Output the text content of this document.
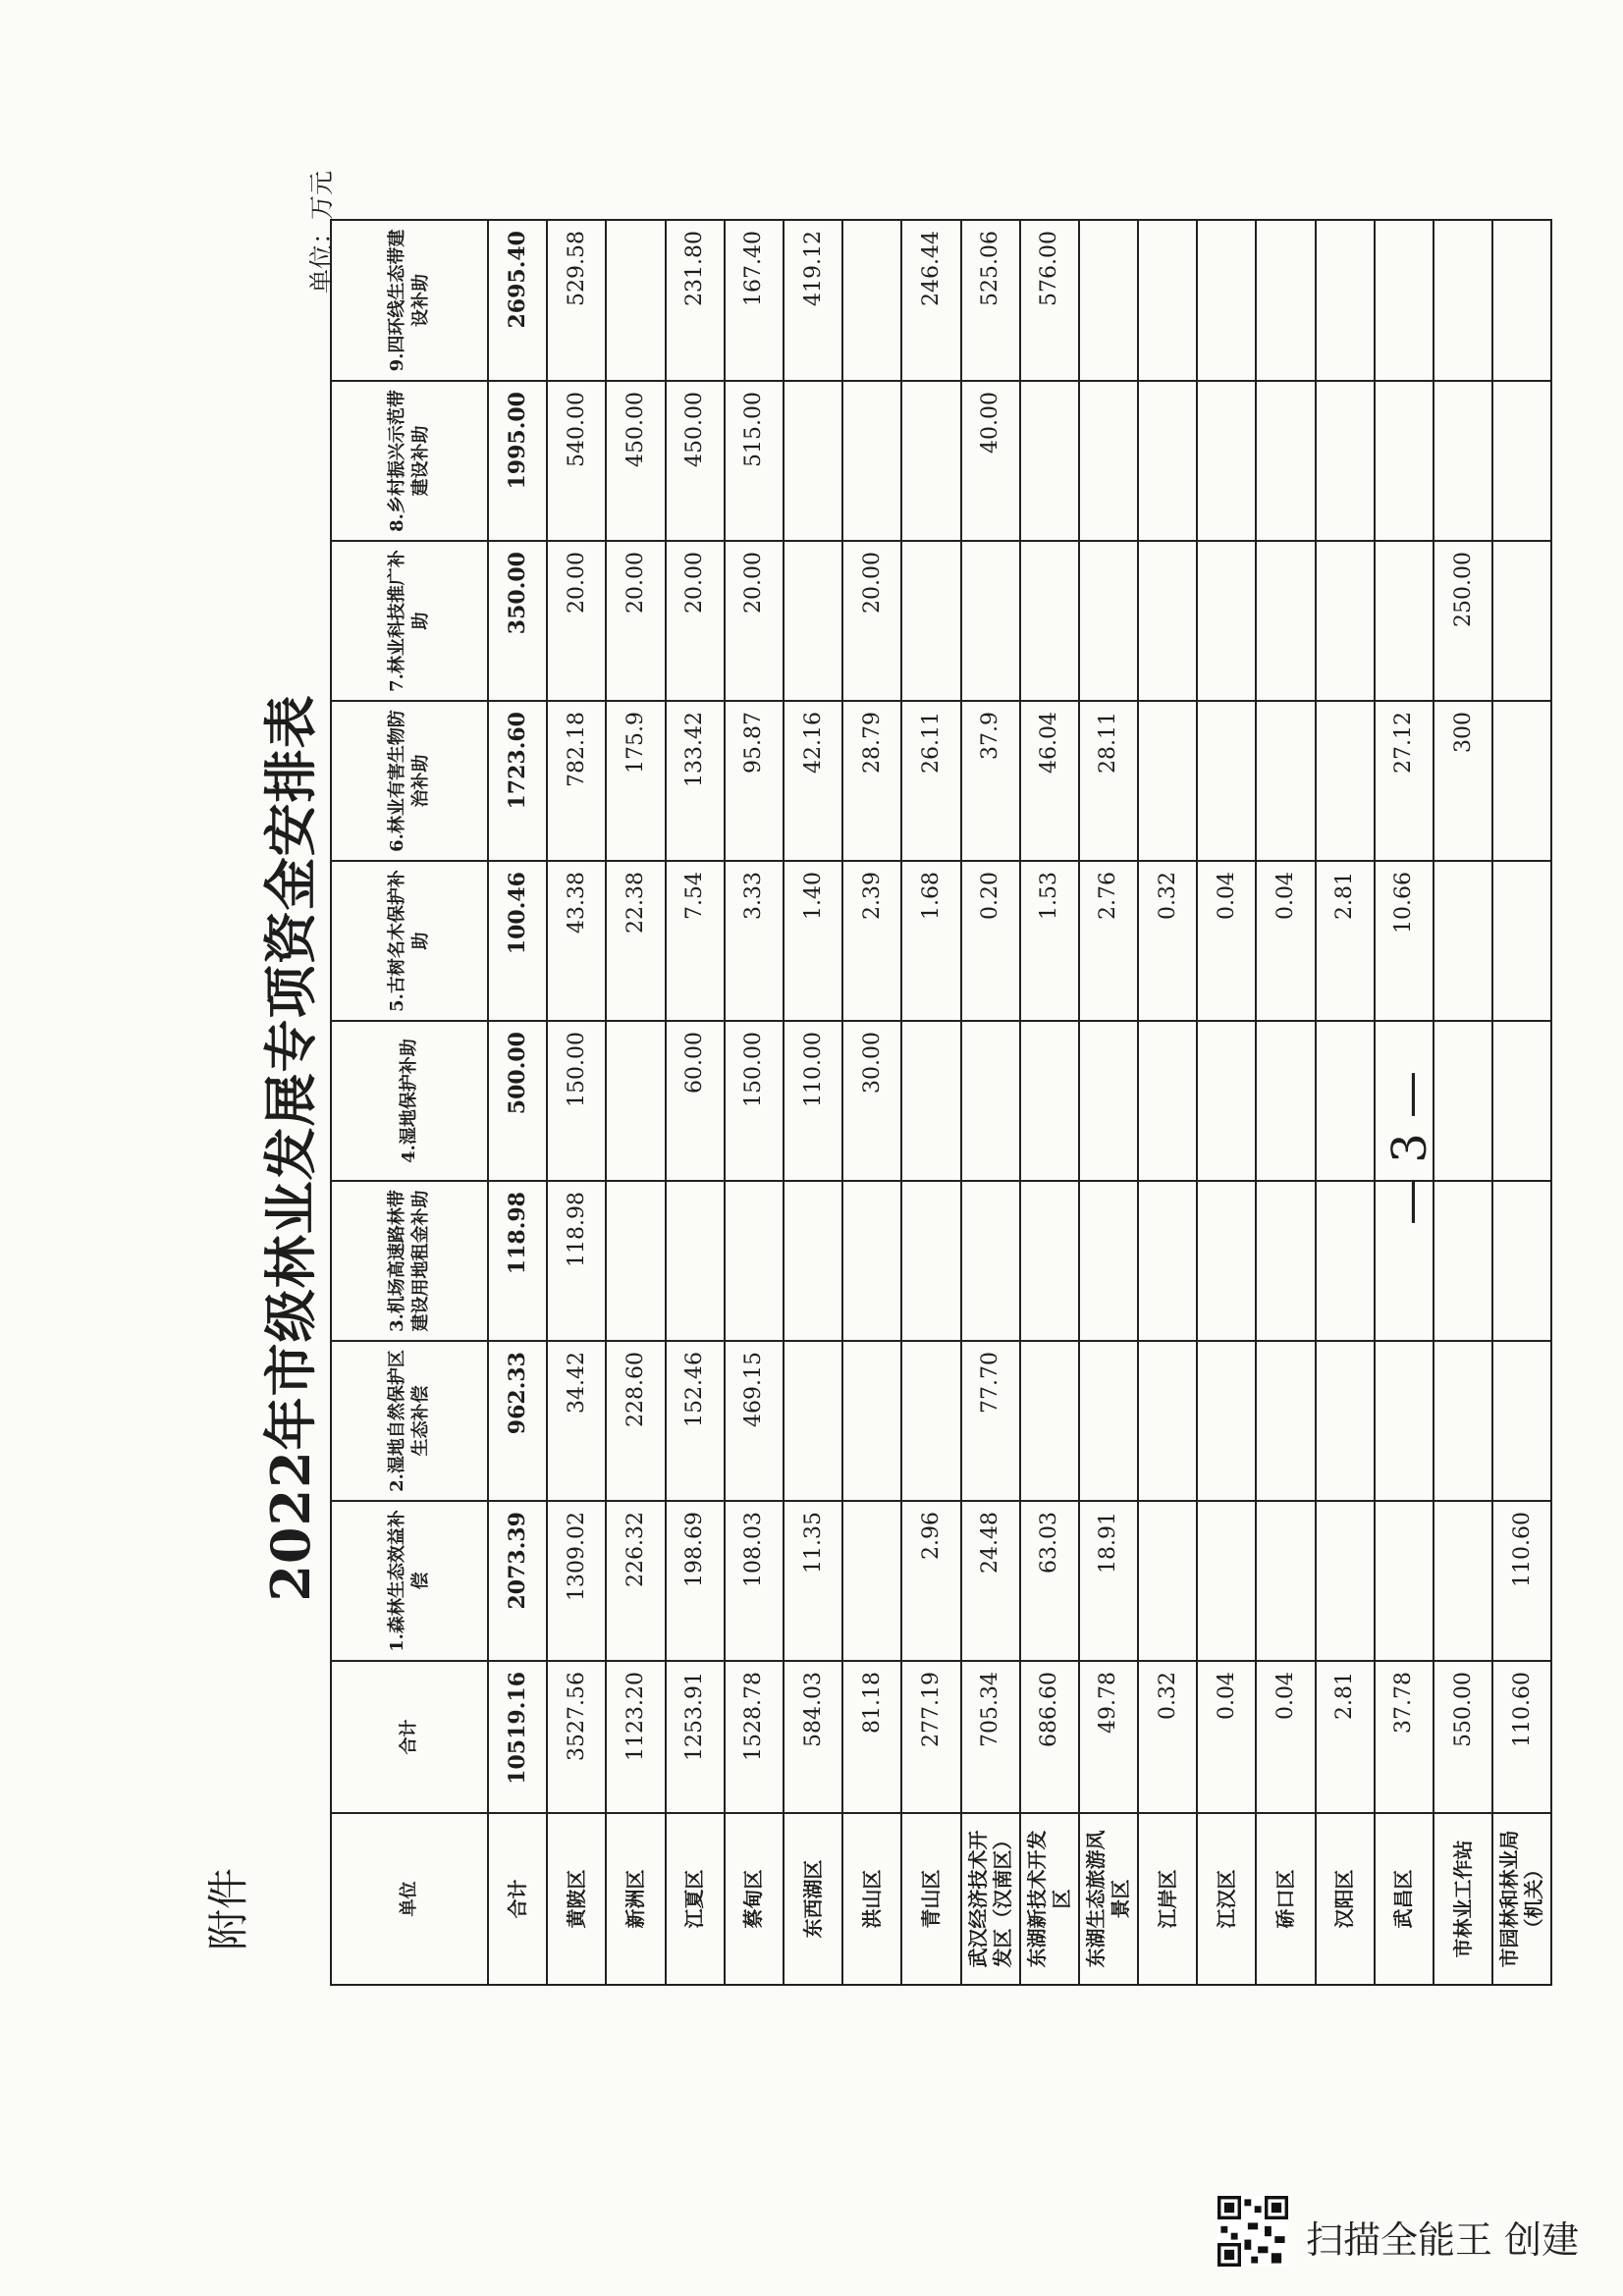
附件
2022年市级林业发展专项资金安排表
单位：万元
单位	合计	1.森林生态效益补偿	2.湿地自然保护区生态补偿	3.机场高速路林带建设用地租金补助	4.湿地保护补助	5.古树名木保护补助	6.林业有害生物防治补助	7.林业科技推广补助	8.乡村振兴示范带建设补助	9.四环线生态带建设补助
合计	10519.16	2073.39	962.33	118.98	500.00	100.46	1723.60	350.00	1995.00	2695.40
黄陂区	3527.56	1309.02	34.42	118.98	150.00	43.38	782.18	20.00	540.00	529.58
新洲区	1123.20	226.32	228.60			22.38	175.9	20.00	450.00	
江夏区	1253.91	198.69	152.46		60.00	7.54	133.42	20.00	450.00	231.80
蔡甸区	1528.78	108.03	469.15		150.00	3.33	95.87	20.00	515.00	167.40
东西湖区	584.03	11.35			110.00	1.40	42.16			419.12
洪山区	81.18				30.00	2.39	28.79	20.00		
青山区	277.19	2.96				1.68	26.11			246.44
武汉经济技术开发区（汉南区）	705.34	24.48	77.70			0.20	37.9		40.00	525.06
东湖新技术开发区	686.60	63.03				1.53	46.04			576.00
东湖生态旅游风景区	49.78	18.91				2.76	28.11			
江岸区	0.32					0.32				
江汉区	0.04					0.04				
硚口区	0.04					0.04				
汉阳区	2.81					2.81				
武昌区	37.78					10.66	27.12			
市林业工作站	550.00						300	250.00		
市园林和林业局（机关）	110.60	110.60								
— 3 —
扫描全能王 创建
